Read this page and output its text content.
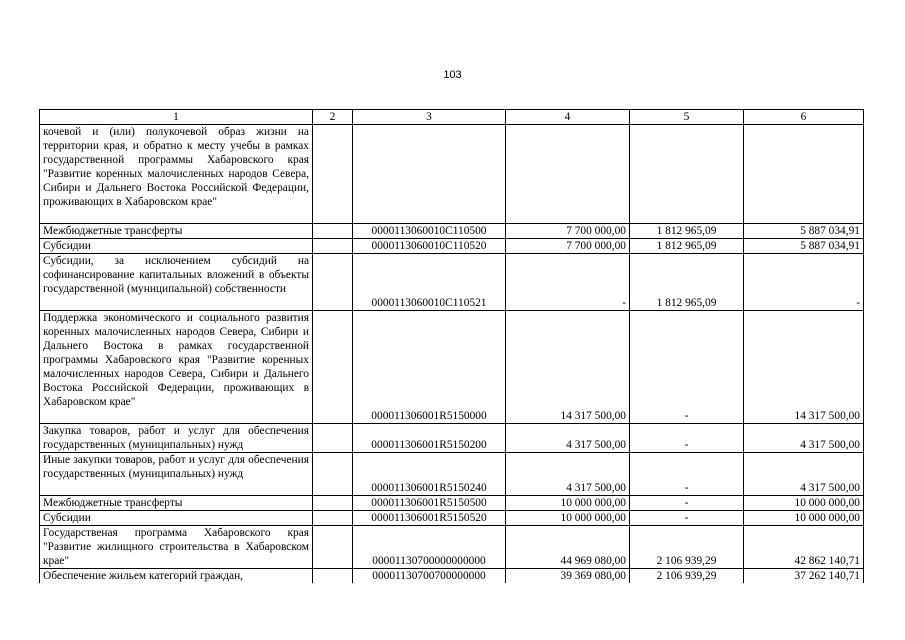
103
1	2	3	4	5	6
кочевой и (или) полукочевой образ жизни на территории края, и обратно к месту учебы в рамках государственной программы Хабаровского края "Развитие коренных малочисленных народов Севера, Сибири и Дальнего Востока Российской Федерации, проживающих в Хабаровском крае"					
Межбюджетные трансферты		0000113060010С110500	7 700 000,00	1 812 965,09	5 887 034,91
Субсидии		0000113060010С110520	7 700 000,00	1 812 965,09	5 887 034,91
Субсидии, за исключением субсидий на софинансирование капитальных вложений в объекты государственной (муниципальной) собственности		0000113060010С110521	-	1 812 965,09	-
Поддержка экономического и социального развития коренных малочисленных народов Севера, Сибири и Дальнего Востока в рамках государственной программы Хабаровского края "Развитие коренных малочисленных народов Севера, Сибири и Дальнего Востока Российской Федерации, проживающих в Хабаровском крае"		000011306001R5150000	14 317 500,00	-	14 317 500,00
Закупка товаров, работ и услуг для обеспечения государственных (муниципальных) нужд		000011306001R5150200	4 317 500,00	-	4 317 500,00
Иные закупки товаров, работ и услуг для обеспечения государственных (муниципальных) нужд		000011306001R5150240	4 317 500,00	-	4 317 500,00
Межбюджетные трансферты		000011306001R5150500	10 000 000,00	-	10 000 000,00
Субсидии		000011306001R5150520	10 000 000,00	-	10 000 000,00
Государственая программа Хабаровского края "Развитие жилищного строительства в Хабаровском крае"		00001130700000000000	44 969 080,00	2 106 939,29	42 862 140,71
Обеспечение жильем категорий граждан,		00001130700700000000	39 369 080,00	2 106 939,29	37 262 140,71
